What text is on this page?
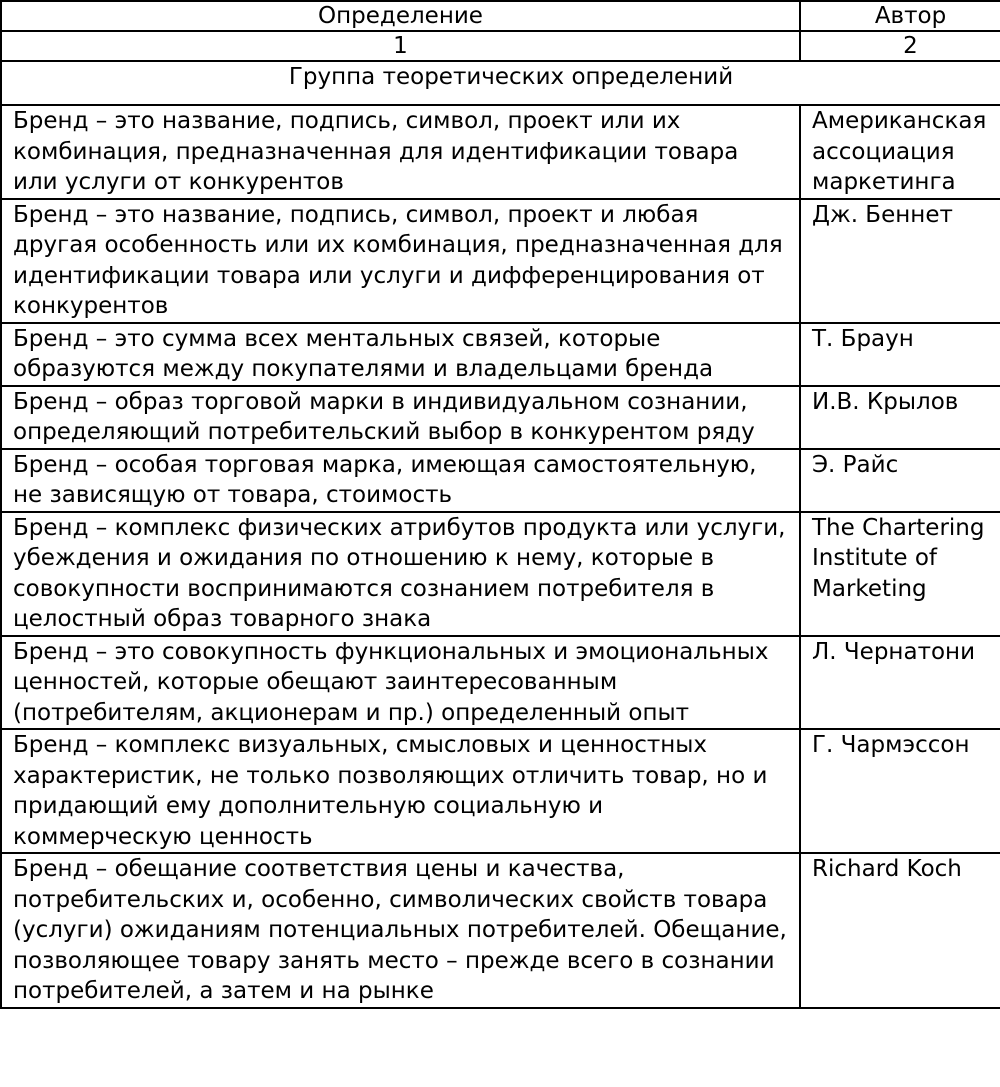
Определение	Автор
1	2
Группа теоретических определений	
Бренд – это название, подпись, символ, проект или их комбинация, предназначенная для идентификации товара или услуги от конкурентов	Американская ассоциация маркетинга
Бренд – это название, подпись, символ, проект и любая другая особенность или их комбинация, предназначенная для идентификации товара или услуги и дифференцирования от конкурентов	Дж. Беннет
Бренд – это сумма всех ментальных связей, которые образуются между покупателями и владельцами бренда	Т. Браун
Бренд – образ торговой марки в индивидуальном сознании, определяющий потребительский выбор в конкурентом ряду	И.В. Крылов
Бренд – особая торговая марка, имеющая самостоятельную, не зависящую от товара, стоимость	Э. Райс
Бренд – комплекс физических атрибутов продукта или услуги, убеждения и ожидания по отношению к нему, которые в совокупности воспринимаются сознанием потребителя в целостный образ товарного знака	The Chartering Institute of Marketing
Бренд – это совокупность функциональных и эмоциональных ценностей, которые обещают заинтересованным (потребителям, акционерам и пр.) определенный опыт	Л. Чернатони
Бренд – комплекс визуальных, смысловых и ценностных характеристик, не только позволяющих отличить товар, но и придающий ему дополнительную социальную и коммерческую ценность	Г. Чармэссон
Бренд – обещание соответствия цены и качества, потребительских и, особенно, символических свойств товара (услуги) ожиданиям потенциальных потребителей. Обещание, позволяющее товару занять место – прежде всего в сознании потребителей, а затем и на рынке	Richard Koch
